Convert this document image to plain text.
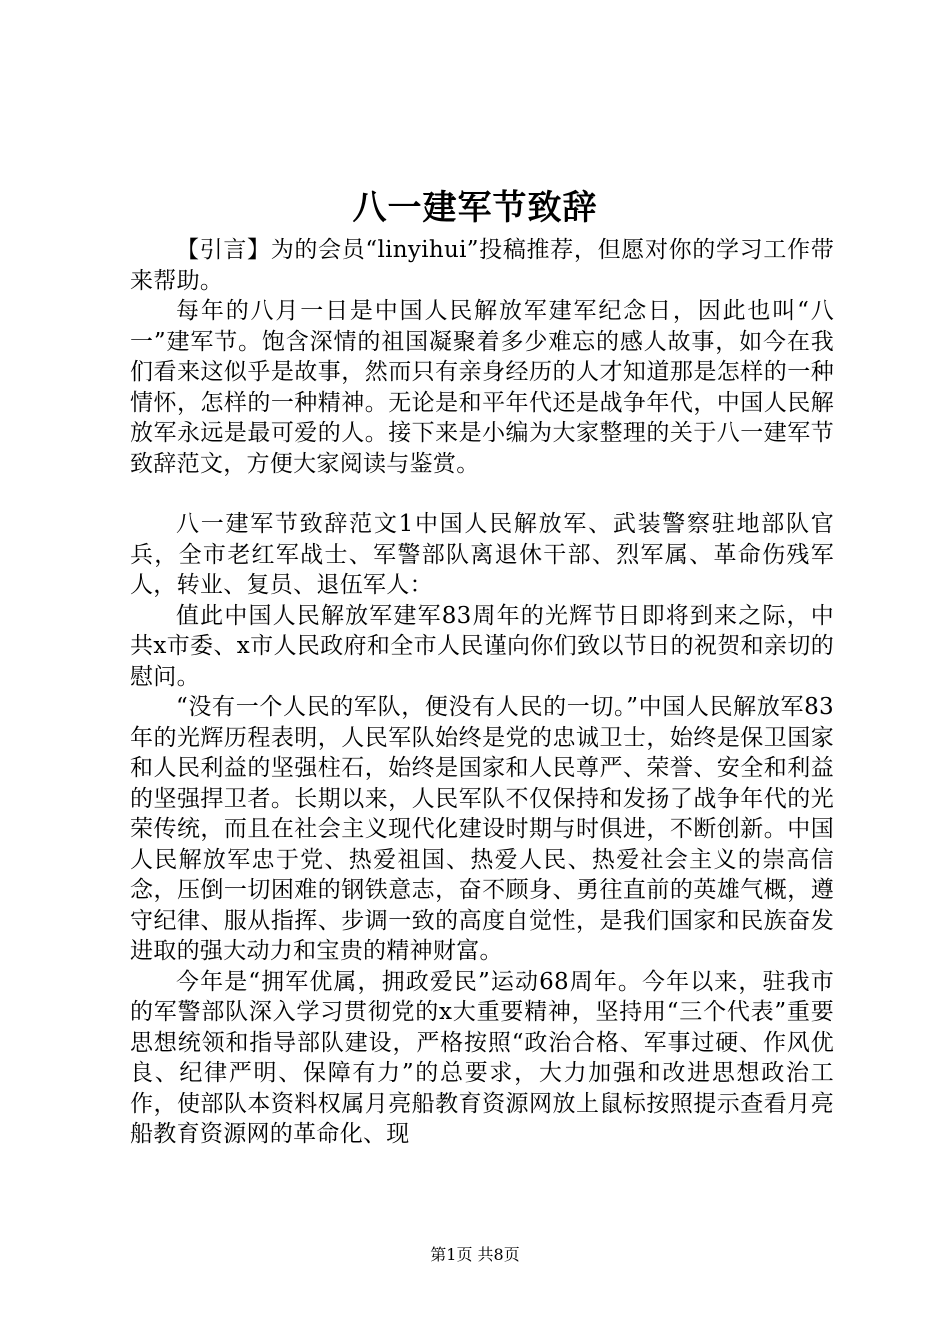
八一建军节致辞

【引言】为的会员“linyihui”投稿推荐，但愿对你的学习工作带来帮助。

每年的八月一日是中国人民解放军建军纪念日，因此也叫“八一”建军节。饱含深情的祖国凝聚着多少难忘的感人故事，如今在我们看来这似乎是故事，然而只有亲身经历的人才知道那是怎样的一种情怀，怎样的一种精神。无论是和平年代还是战争年代，中国人民解放军永远是最可爱的人。接下来是小编为大家整理的关于八一建军节致辞范文，方便大家阅读与鉴赏。

八一建军节致辞范文1中国人民解放军、武装警察驻地部队官兵，全市老红军战士、军警部队离退休干部、烈军属、革命伤残军人，转业、复员、退伍军人：

值此中国人民解放军建军83周年的光辉节日即将到来之际，中共x市委、x市人民政府和全市人民谨向你们致以节日的祝贺和亲切的慰问。

“没有一个人民的军队，便没有人民的一切。”中国人民解放军83年的光辉历程表明，人民军队始终是党的忠诚卫士，始终是保卫国家和人民利益的坚强柱石，始终是国家和人民尊严、荣誉、安全和利益的坚强捍卫者。长期以来，人民军队不仅保持和发扬了战争年代的光荣传统，而且在社会主义现代化建设时期与时俱进，不断创新。中国人民解放军忠于党、热爱祖国、热爱人民、热爱社会主义的崇高信念，压倒一切困难的钢铁意志，奋不顾身、勇往直前的英雄气概，遵守纪律、服从指挥、步调一致的高度自觉性，是我们国家和民族奋发进取的强大动力和宝贵的精神财富。

今年是“拥军优属，拥政爱民”运动68周年。今年以来，驻我市的军警部队深入学习贯彻党的x大重要精神，坚持用“三个代表”重要思想统领和指导部队建设，严格按照“政治合格、军事过硬、作风优良、纪律严明、保障有力”的总要求，大力加强和改进思想政治工作，使部队本资料权属月亮船教育资源网放上鼠标按照提示查看月亮船教育资源网的革命化、现

第1页 共8页
